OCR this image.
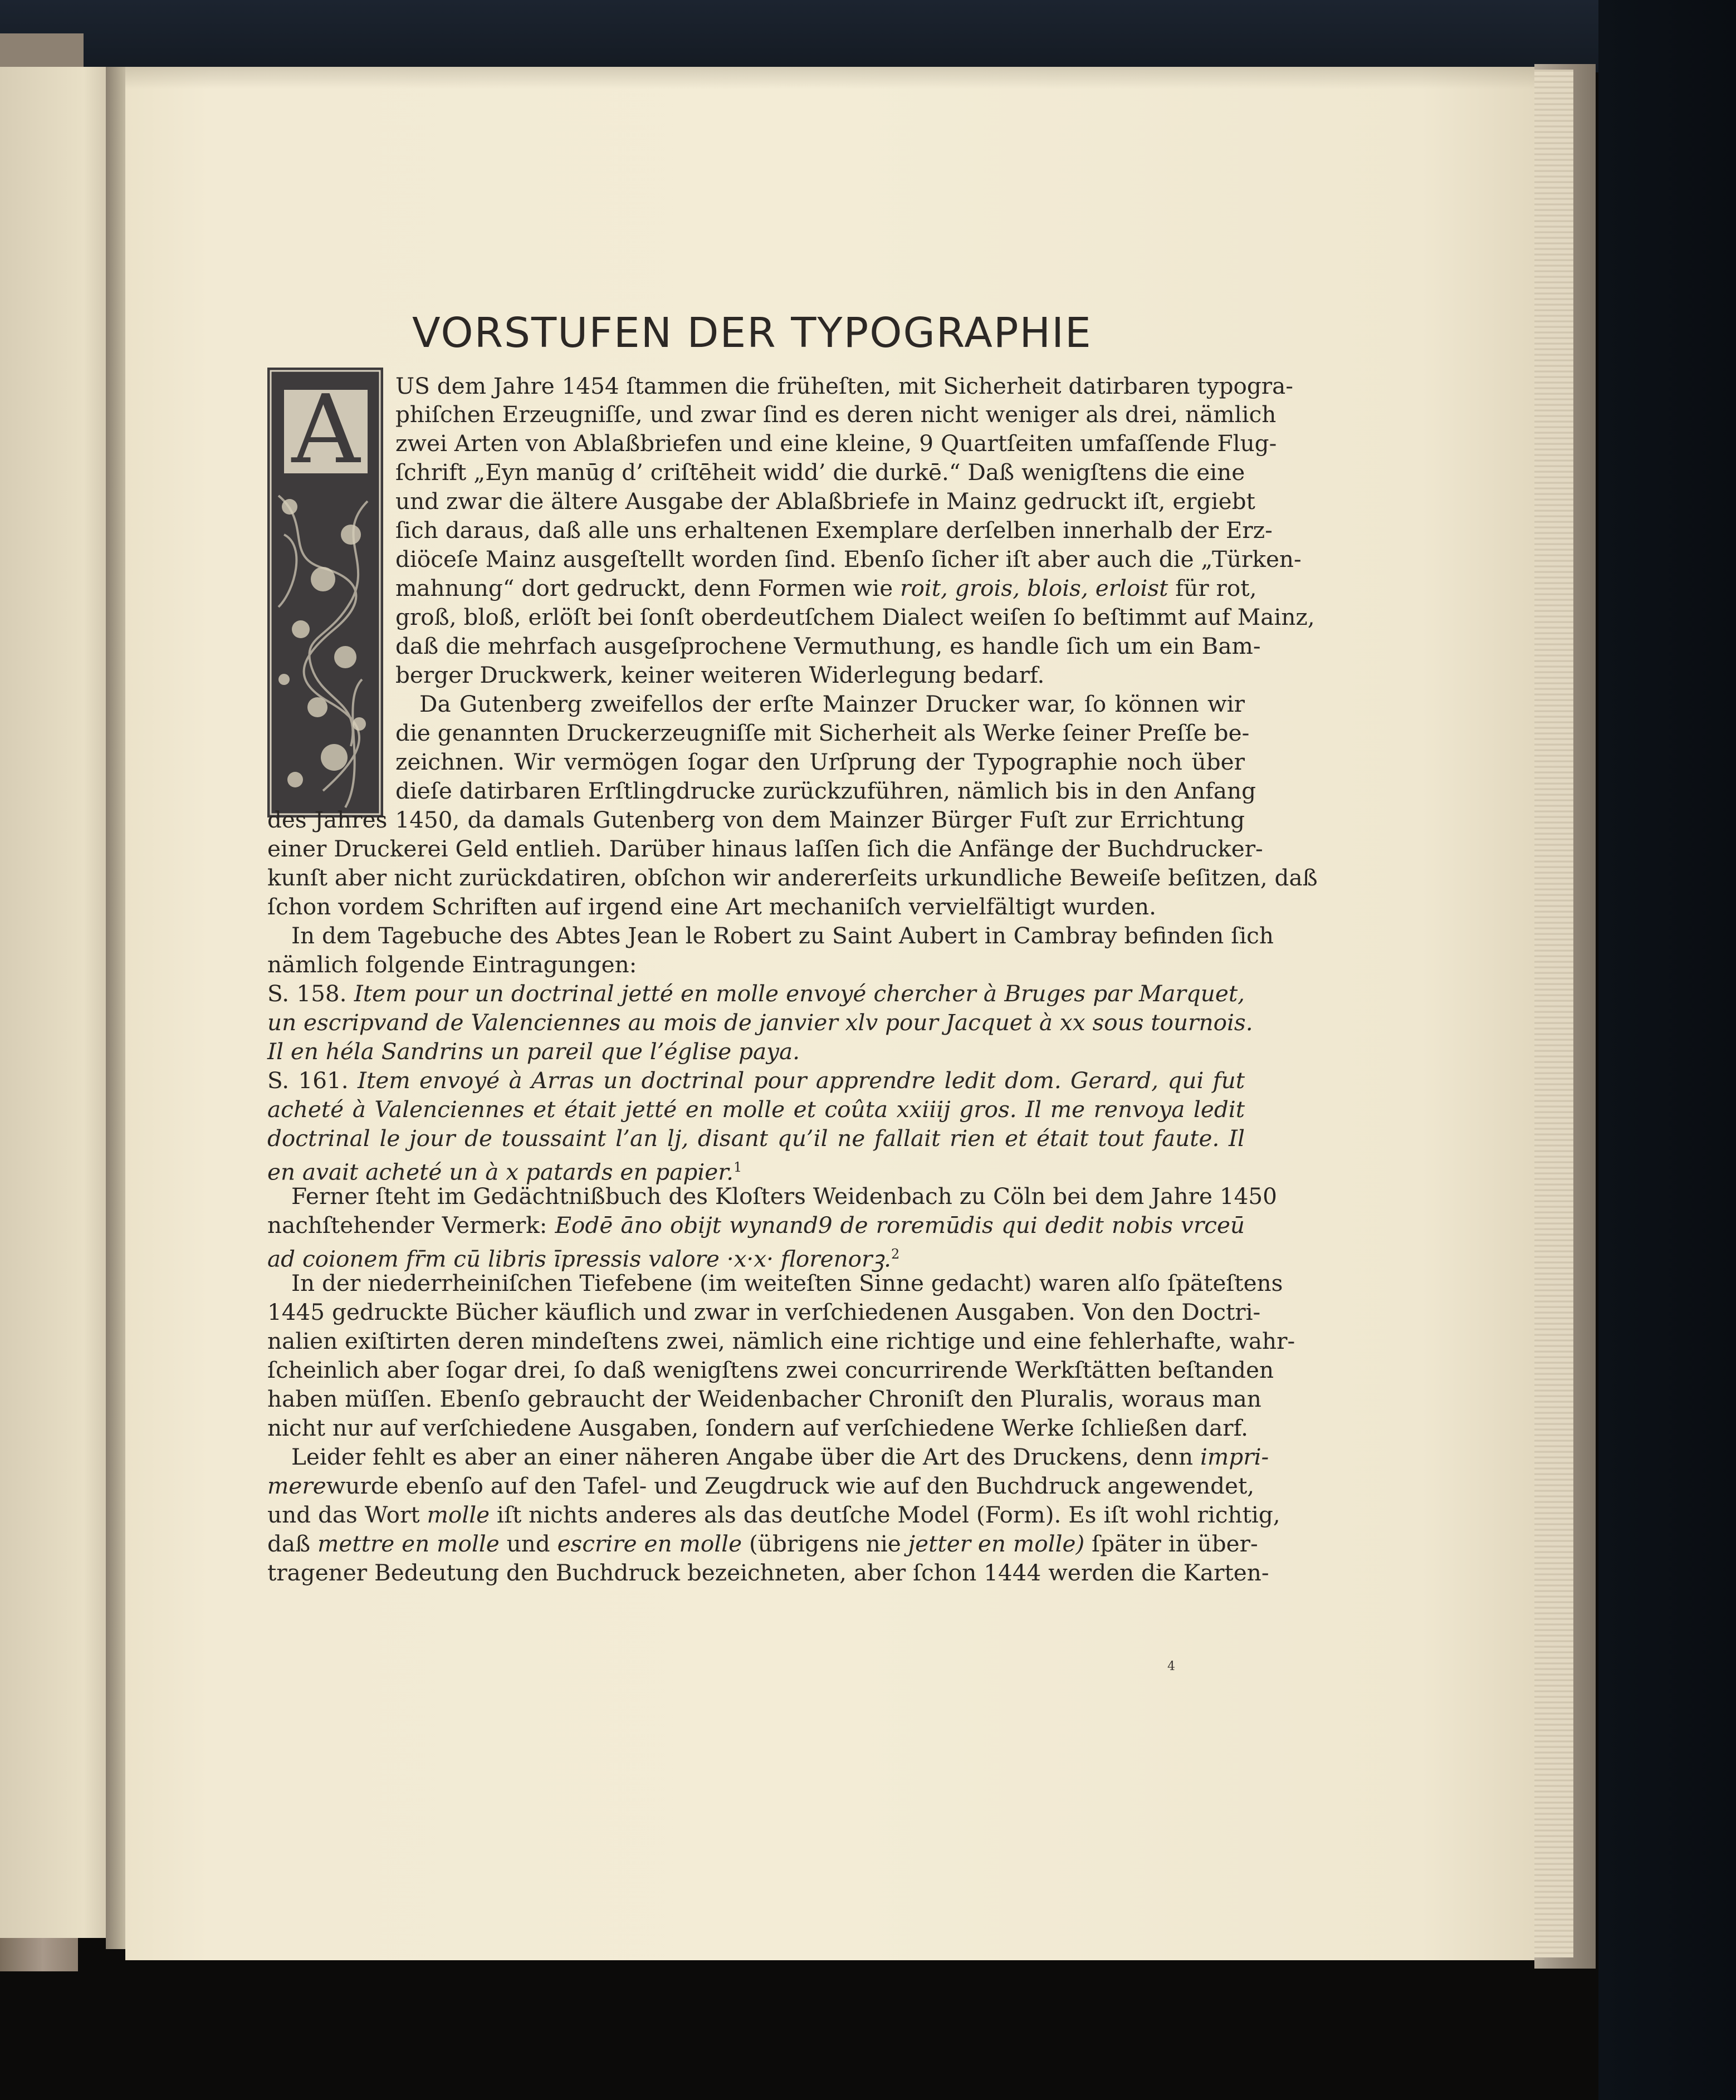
VORSTUFEN DER TYPOGRAPHIE
A US dem Jahre 1454 ſtammen die früheſten, mit Sicherheit datirbaren typogra-
phiſchen Erzeugniſſe, und zwar ſind es deren nicht weniger als drei, nämlich
zwei Arten von Ablaßbriefen und eine kleine, 9 Quartſeiten umfaſſende Flug-
ſchrift „Eyn manūg d’ criſtēheit widd’ die durkē.“ Daß wenigſtens die eine
und zwar die ältere Ausgabe der Ablaßbriefe in Mainz gedruckt iſt, ergiebt
ſich daraus, daß alle uns erhaltenen Exemplare derſelben innerhalb der Erz-
diöceſe Mainz ausgeſtellt worden ſind. Ebenſo ſicher iſt aber auch die „Türken-
mahnung“ dort gedruckt, denn Formen wie roit, grois, blois, erloist für rot,
groß, bloß, erlöſt bei ſonſt oberdeutſchem Dialect weiſen ſo beſtimmt auf Mainz,
daß die mehrfach ausgeſprochene Vermuthung, es handle ſich um ein Bam-
berger Druckwerk, keiner weiteren Widerlegung bedarf.
Da Gutenberg zweifellos der erſte Mainzer Drucker war, ſo können wir
die genannten Druckerzeugniſſe mit Sicherheit als Werke ſeiner Preſſe be-
zeichnen. Wir vermögen ſogar den Urſprung der Typographie noch über
dieſe datirbaren Erſtlingdrucke zurückzuführen, nämlich bis in den Anfang
des Jahres 1450, da damals Gutenberg von dem Mainzer Bürger Fuſt zur Errichtung
einer Druckerei Geld entlieh. Darüber hinaus laſſen ſich die Anfänge der Buchdrucker-
kunſt aber nicht zurückdatiren, obſchon wir andererſeits urkundliche Beweiſe beſitzen, daß
ſchon vordem Schriften auf irgend eine Art mechaniſch vervielfältigt wurden.
In dem Tagebuche des Abtes Jean le Robert zu Saint Aubert in Cambray befinden ſich
nämlich folgende Eintragungen:
S. 158. Item pour un doctrinal jetté en molle envoyé chercher à Bruges par Marquet,
un escripvand de Valenciennes au mois de janvier xlv pour Jacquet à xx sous tournois.
Il en héla Sandrins un pareil que l’église paya.
S. 161. Item envoyé à Arras un doctrinal pour apprendre ledit dom. Gerard, qui fut
acheté à Valenciennes et était jetté en molle et coûta xxiiij gros. Il me renvoya ledit
doctrinal le jour de toussaint l’an lj, disant qu’il ne fallait rien et était tout faute. Il
en avait acheté un à x patards en papier.$^1$
Ferner ſteht im Gedächtnißbuch des Kloſters Weidenbach zu Cöln bei dem Jahre 1450
nachſtehender Vermerk: Eodē āno obijt wynand9 de roremūdis qui dedit nobis vrceū
ad coionem fr̄m cū libris īpressis valore ·x·x· florenorꝫ.$^2$
In der niederrheiniſchen Tiefebene (im weiteſten Sinne gedacht) waren alſo ſpäteſtens
1445 gedruckte Bücher käuflich und zwar in verſchiedenen Ausgaben. Von den Doctri-
nalien exiſtirten deren mindeſtens zwei, nämlich eine richtige und eine fehlerhafte, wahr-
ſcheinlich aber ſogar drei, ſo daß wenigſtens zwei concurrirende Werkſtätten beſtanden
haben müſſen. Ebenſo gebraucht der Weidenbacher Chroniſt den Pluralis, woraus man
nicht nur auf verſchiedene Ausgaben, ſondern auf verſchiedene Werke ſchließen darf.
Leider fehlt es aber an einer näheren Angabe über die Art des Druckens, denn impri-
merewurde ebenſo auf den Tafel- und Zeugdruck wie auf den Buchdruck angewendet,
und das Wort molle iſt nichts anderes als das deutſche Model (Form). Es iſt wohl richtig,
daß mettre en molle und escrire en molle (übrigens nie jetter en molle) ſpäter in über-
tragener Bedeutung den Buchdruck bezeichneten, aber ſchon 1444 werden die Karten-
4
